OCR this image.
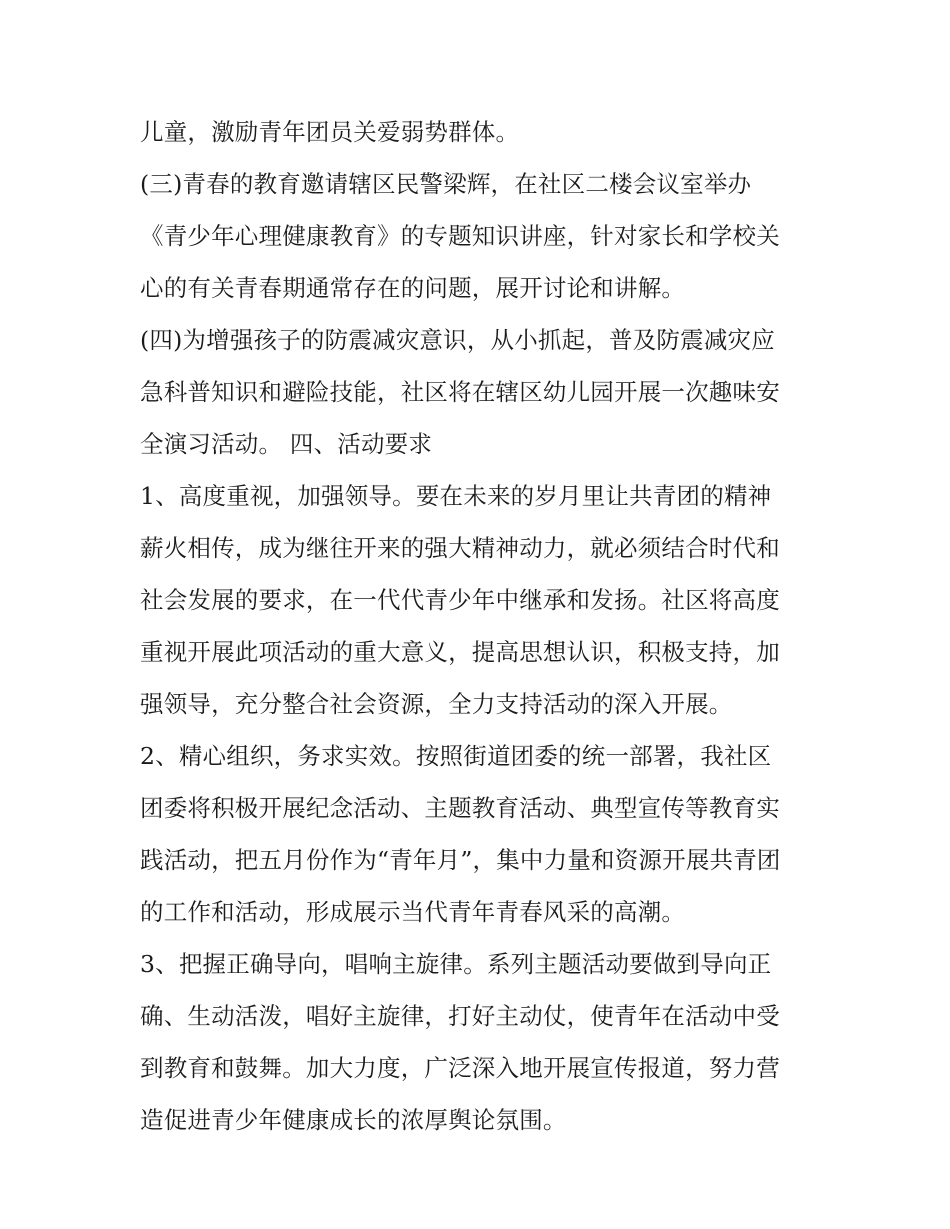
儿童，激励青年团员关爱弱势群体。
(三)青春的教育邀请辖区民警梁辉，在社区二楼会议室举办
《青少年心理健康教育》的专题知识讲座，针对家长和学校关
心的有关青春期通常存在的问题，展开讨论和讲解。
(四)为增强孩子的防震减灾意识，从小抓起，普及防震减灾应
急科普知识和避险技能，社区将在辖区幼儿园开展一次趣味安
全演习活动。 四、活动要求
1、高度重视，加强领导。要在未来的岁月里让共青团的精神
薪火相传，成为继往开来的强大精神动力，就必须结合时代和
社会发展的要求，在一代代青少年中继承和发扬。社区将高度
重视开展此项活动的重大意义，提高思想认识，积极支持，加
强领导，充分整合社会资源，全力支持活动的深入开展。
2、精心组织，务求实效。按照街道团委的统一部署，我社区
团委将积极开展纪念活动、主题教育活动、典型宣传等教育实
践活动，把五月份作为“青年月”，集中力量和资源开展共青团
的工作和活动，形成展示当代青年青春风采的高潮。
3、把握正确导向，唱响主旋律。系列主题活动要做到导向正
确、生动活泼，唱好主旋律，打好主动仗，使青年在活动中受
到教育和鼓舞。加大力度，广泛深入地开展宣传报道，努力营
造促进青少年健康成长的浓厚舆论氛围。
